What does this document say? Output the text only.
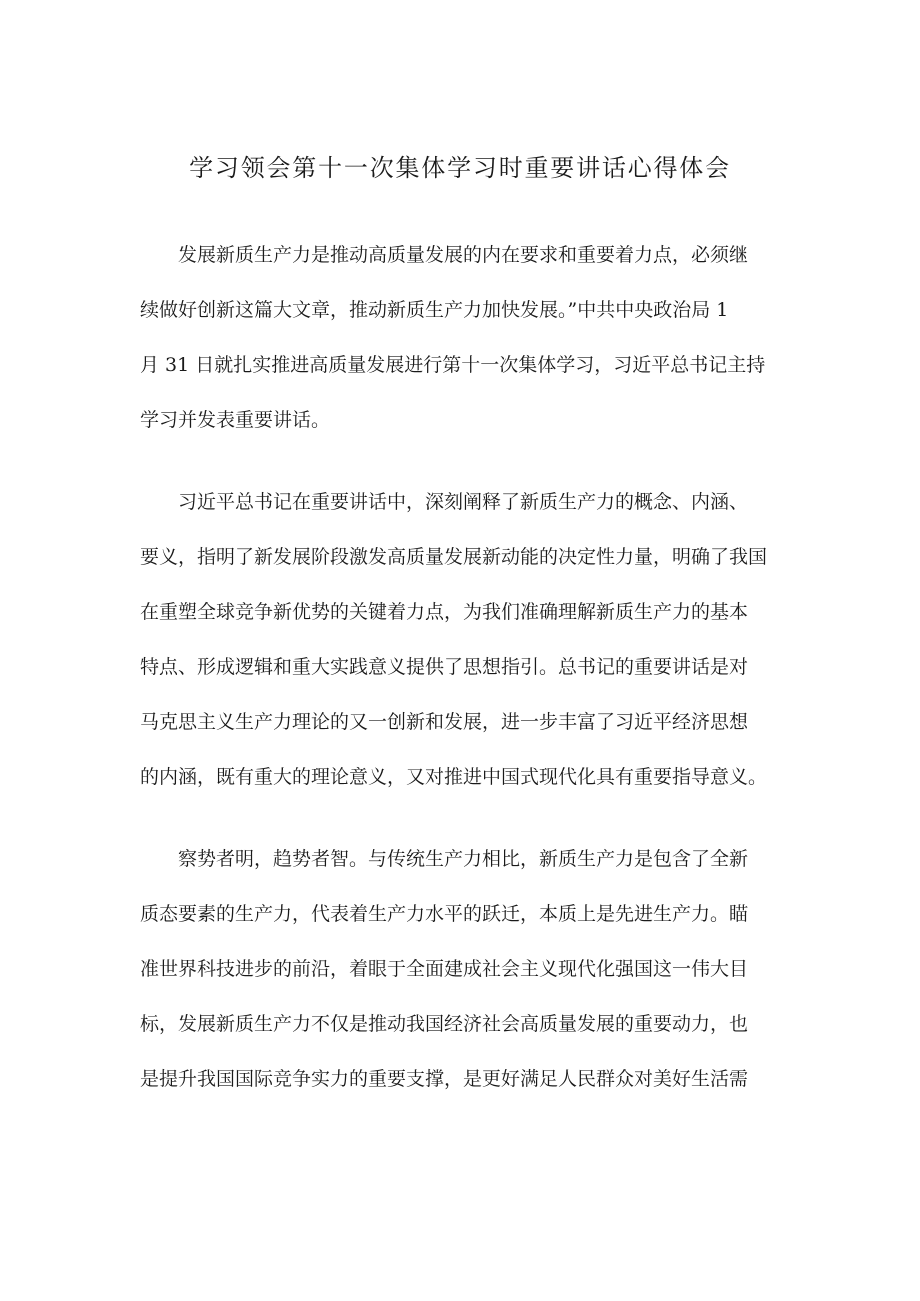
学习领会第十一次集体学习时重要讲话心得体会

发展新质生产力是推动高质量发展的内在要求和重要着力点，必须继
续做好创新这篇大文章，推动新质生产力加快发展。”中共中央政治局 1
月 31 日就扎实推进高质量发展进行第十一次集体学习，习近平总书记主持
学习并发表重要讲话。

习近平总书记在重要讲话中，深刻阐释了新质生产力的概念、内涵、
要义，指明了新发展阶段激发高质量发展新动能的决定性力量，明确了我国
在重塑全球竞争新优势的关键着力点，为我们准确理解新质生产力的基本
特点、形成逻辑和重大实践意义提供了思想指引。总书记的重要讲话是对
马克思主义生产力理论的又一创新和发展，进一步丰富了习近平经济思想
的内涵，既有重大的理论意义，又对推进中国式现代化具有重要指导意义。

察势者明，趋势者智。与传统生产力相比，新质生产力是包含了全新
质态要素的生产力，代表着生产力水平的跃迁，本质上是先进生产力。瞄
准世界科技进步的前沿，着眼于全面建成社会主义现代化强国这一伟大目
标，发展新质生产力不仅是推动我国经济社会高质量发展的重要动力，也
是提升我国国际竞争实力的重要支撑，是更好满足人民群众对美好生活需
